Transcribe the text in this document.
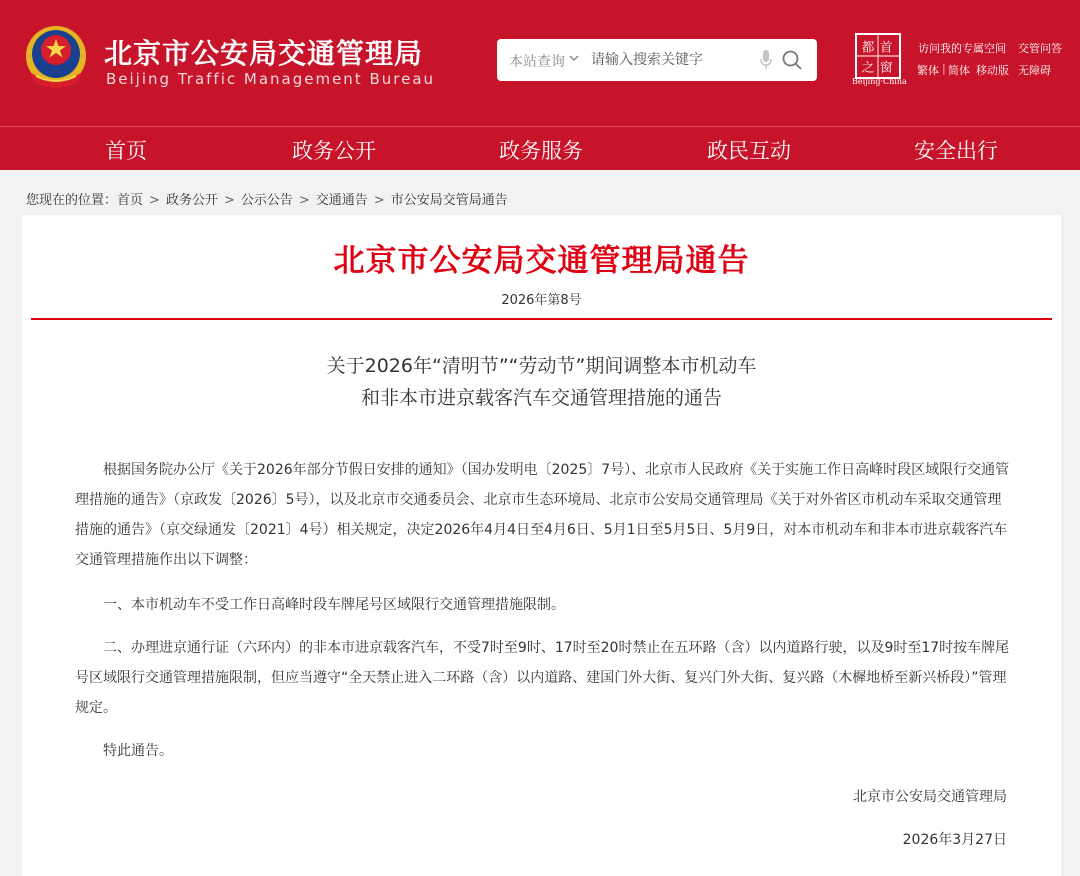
北京市公安局交通管理局
Beijing Traffic Management Bureau
本站查询
请输入搜索关键字
首
都
之 窗
Beijing·China
访问我的专属空间 交管问答
繁体 | 简体 移动版 无障碍
首页	政务公开	政务服务	政民互动	安全出行
您现在的位置：首页 > 政务公开 > 公示公告 > 交通通告 > 市公安局交管局通告
北京市公安局交通管理局通告
2026年第8号
关于2026年“清明节”“劳动节”期间调整本市机动车
和非本市进京载客汽车交通管理措施的通告

根据国务院办公厅《关于2026年部分节假日安排的通知》（国办发明电〔2025〕7号）、北京市人民政府《关于实施工作日高峰时段区域限行交通管理措施的通告》（京政发〔2026〕5号），以及北京市交通委员会、北京市生态环境局、北京市公安局交通管理局《关于对外省区市机动车采取交通管理措施的通告》（京交绿通发〔2021〕4号）相关规定，决定2026年4月4日至4月6日、5月1日至5月5日、5月9日，对本市机动车和非本市进京载客汽车交通管理措施作出以下调整：

一、本市机动车不受工作日高峰时段车牌尾号区域限行交通管理措施限制。

二、办理进京通行证（六环内）的非本市进京载客汽车，不受7时至9时、17时至20时禁止在五环路（含）以内道路行驶，以及9时至17时按车牌尾号区域限行交通管理措施限制，但应当遵守“全天禁止进入二环路（含）以内道路、建国门外大街、复兴门外大街、复兴路（木樨地桥至新兴桥段）”管理规定。

特此通告。

北京市公安局交通管理局
2026年3月27日
